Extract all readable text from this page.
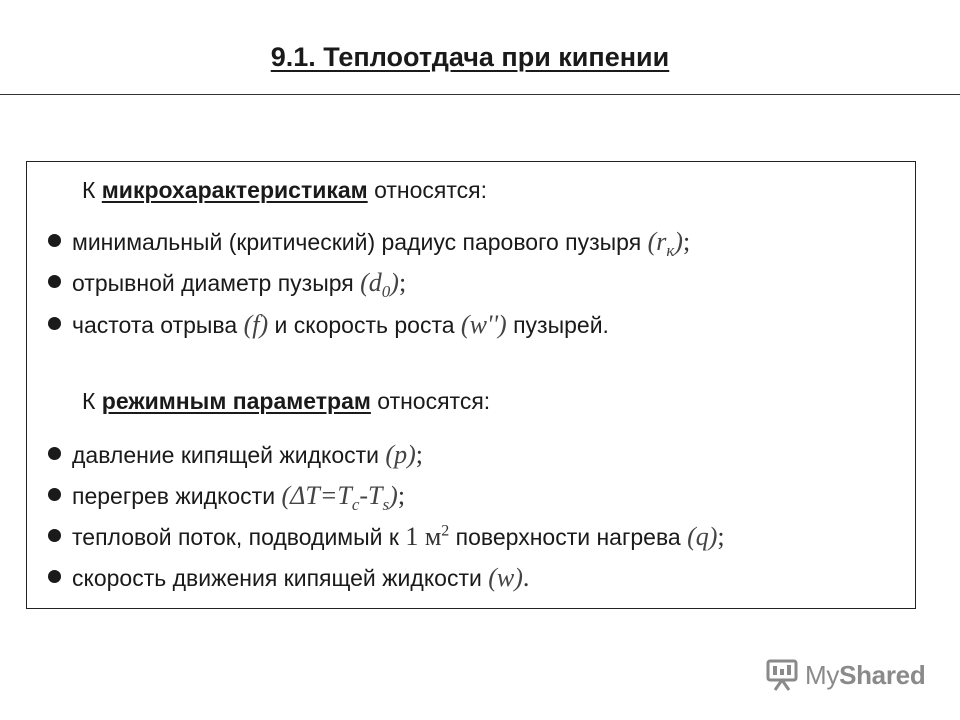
9.1. Теплоотдача при кипении
К микрохарактеристикам относятся:
минимальный (критический) радиус парового пузыря $(r_к)$;
отрывной диаметр пузыря $(d_0)$;
частота отрыва (f) и скорость роста (w'') пузырей.
К режимным параметрам относятся:
давление кипящей жидкости (p);
перегрев жидкости $(\Delta T=T_c-T_s)$;
тепловой поток, подводимый к 1 $м^2$ поверхности нагрева (q);
скорость движения кипящей жидкости (w).
MyShared
